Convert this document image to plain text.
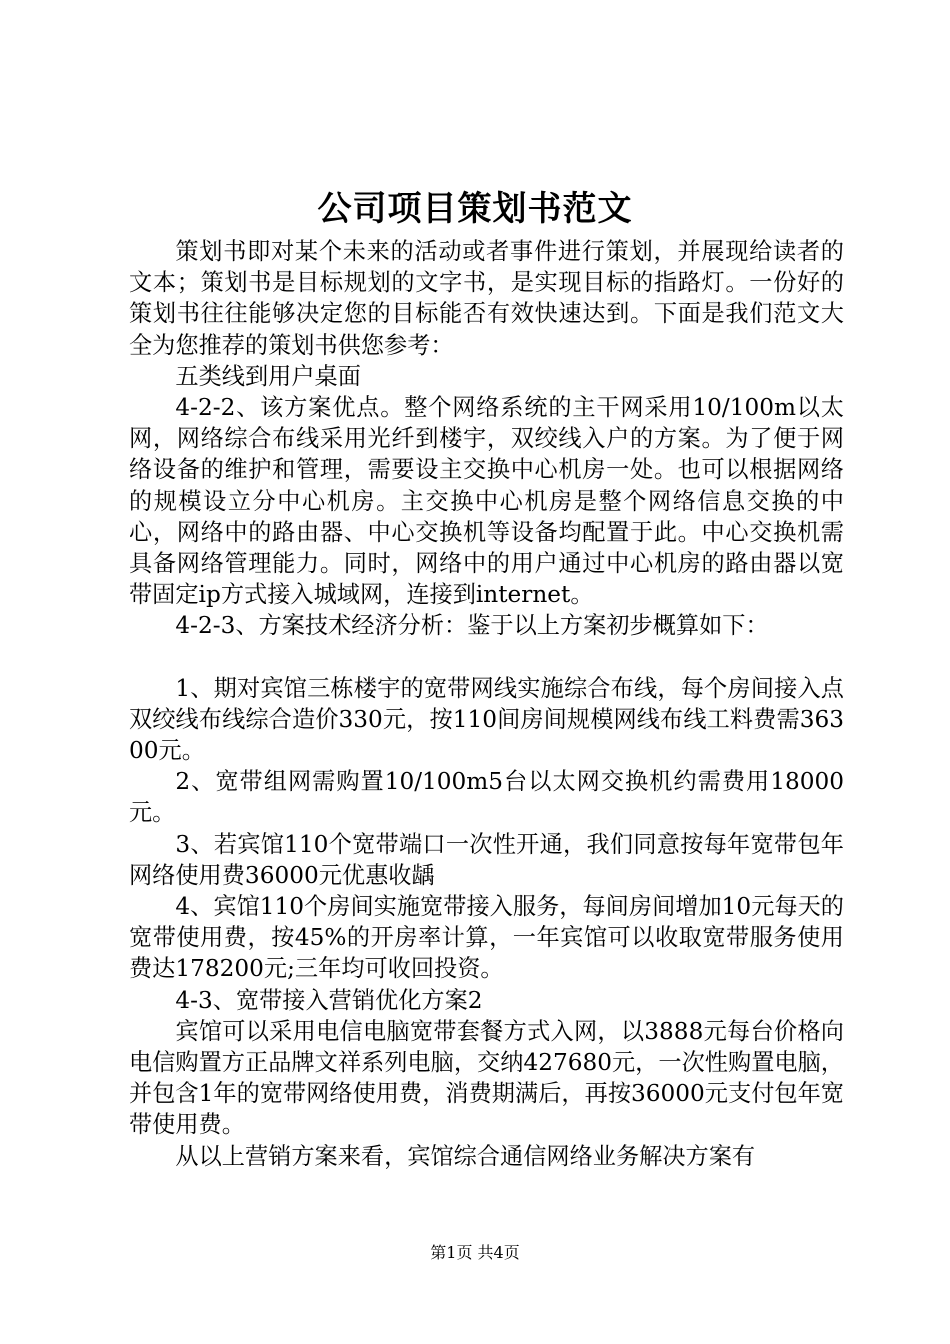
公司项目策划书范文

策划书即对某个未来的活动或者事件进行策划，并展现给读者的文本；策划书是目标规划的文字书，是实现目标的指路灯。一份好的策划书往往能够决定您的目标能否有效快速达到。下面是我们范文大全为您推荐的策划书供您参考：

五类线到用户桌面

4-2-2、该方案优点。整个网络系统的主干网采用10/100m以太网，网络综合布线采用光纤到楼宇，双绞线入户的方案。为了便于网络设备的维护和管理，需要设主交换中心机房一处。也可以根据网络的规模设立分中心机房。主交换中心机房是整个网络信息交换的中心，网络中的路由器、中心交换机等设备均配置于此。中心交换机需具备网络管理能力。同时，网络中的用户通过中心机房的路由器以宽带固定ip方式接入城域网，连接到internet。

4-2-3、方案技术经济分析：鉴于以上方案初步概算如下：

1、期对宾馆三栋楼宇的宽带网线实施综合布线，每个房间接入点双绞线布线综合造价330元，按110间房间规模网线布线工料费需36300元。

2、宽带组网需购置10/100m5台以太网交换机约需费用18000元。

3、若宾馆110个宽带端口一次性开通，我们同意按每年宽带包年网络使用费36000元优惠收龋

4、宾馆110个房间实施宽带接入服务，每间房间增加10元每天的宽带使用费，按45%的开房率计算，一年宾馆可以收取宽带服务使用费达178200元;三年均可收回投资。

4-3、宽带接入营销优化方案2

宾馆可以采用电信电脑宽带套餐方式入网，以3888元每台价格向电信购置方正品牌文祥系列电脑，交纳427680元，一次性购置电脑，并包含1年的宽带网络使用费，消费期满后，再按36000元支付包年宽带使用费。

从以上营销方案来看，宾馆综合通信网络业务解决方案有

第1页 共4页
